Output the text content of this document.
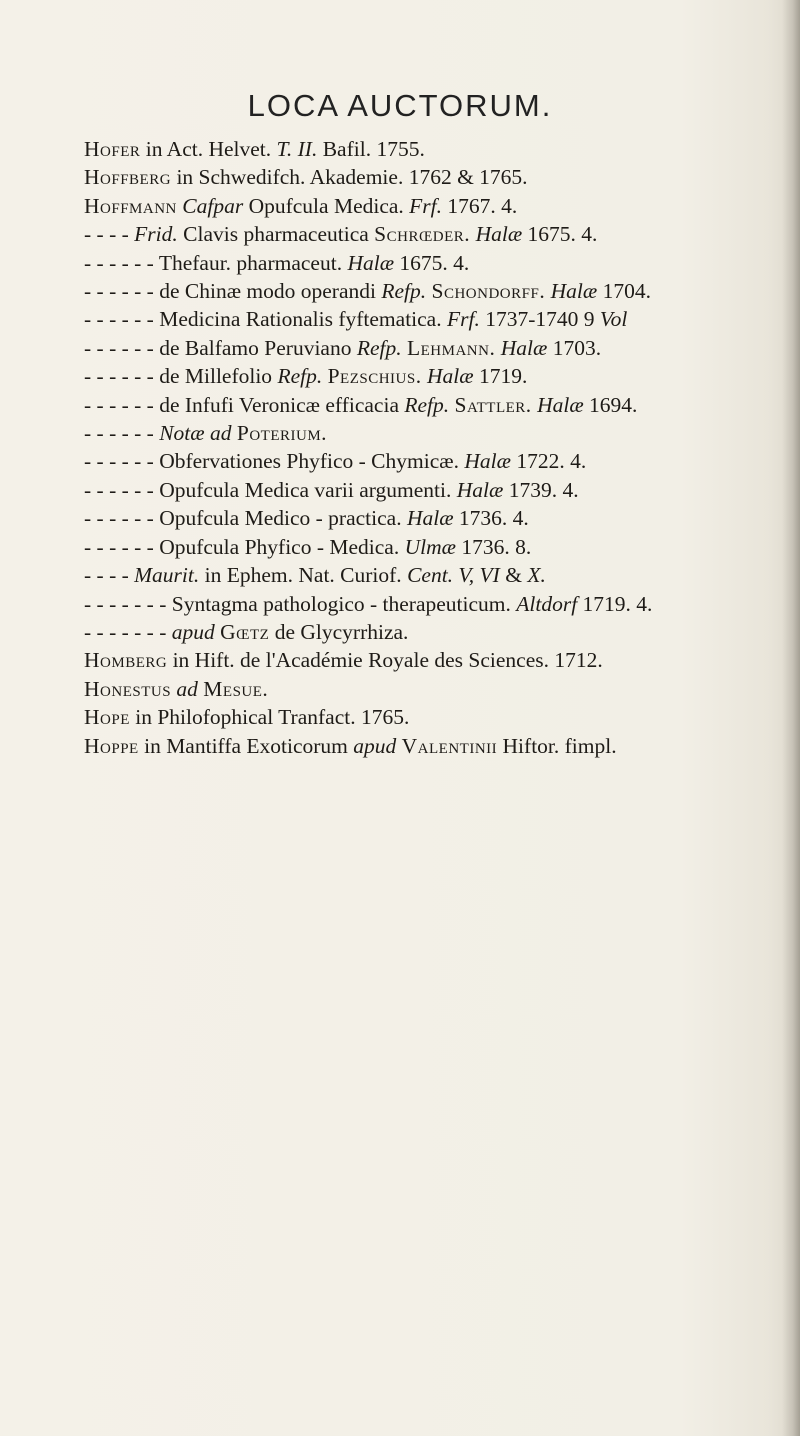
LOCA AUCTORUM.

Hofer in Act. Helvet. T. II. Bafil. 1755.

Hoffberg in Schwedifch. Akademie. 1762 & 1765.

Hoffmann Cafpar Opufcula Medica. Frf. 1767. 4.

- - - - Frid. Clavis pharmaceutica Schrœder. Halæ 1675. 4.

- - - - - - Thefaur. pharmaceut. Halæ 1675. 4.

- - - - - - de Chinæ modo operandi Refp. Schondorff. Halæ 1704.

- - - - - - Medicina Rationalis fyftematica. Frf. 1737-1740 9 Vol

- - - - - - de Balfamo Peruviano Refp. Lehmann. Halæ 1703.

- - - - - - de Millefolio Refp. Pezschius. Halæ 1719.

- - - - - - de Infufi Veronicæ efficacia Refp. Sattler. Halæ 1694.

- - - - - - Notæ ad Poterium.

- - - - - - Obfervationes Phyfico - Chymicæ. Halæ 1722. 4.

- - - - - - Opufcula Medica varii argumenti. Halæ 1739. 4.

- - - - - - Opufcula Medico - practica. Halæ 1736. 4.

- - - - - - Opufcula Phyfico - Medica. Ulmæ 1736. 8.

- - - - Maurit. in Ephem. Nat. Curiof. Cent. V, VI & X.

- - - - - - - Syntagma pathologico - therapeuticum. Altdorf 1719. 4.

- - - - - - - apud Gœtz de Glycyrrhiza.

Homberg in Hift. de l'Académie Royale des Sciences. 1712.

Honestus ad Mesue.

Hope in Philofophical Tranfact. 1765.

Hoppe in Mantiffa Exoticorum apud Valentinii Hiftor. fimpl.
